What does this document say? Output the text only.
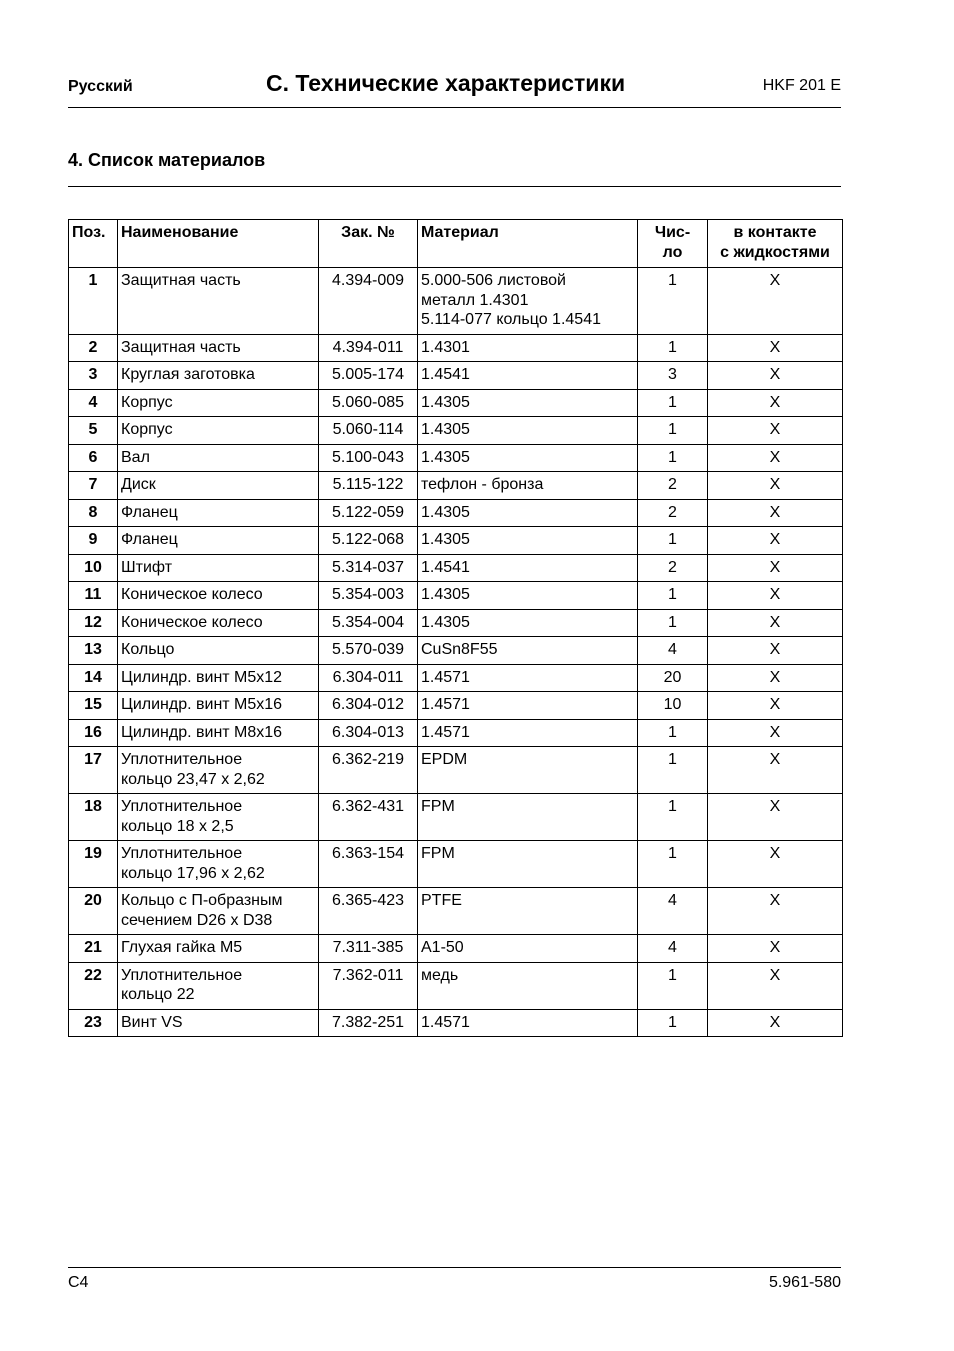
Русский	C. Технические характеристики	HKF 201 E
4. Список материалов
Поз.	Наименование	Зак. №	Материал	Чис-
ло	в контакте
с жидкостями
1	Защитная часть	4.394-009	5.000-506 листовой
металл 1.4301
5.114-077 кольцо 1.4541	1	X
2	Защитная часть	4.394-011	1.4301	1	X
3	Круглая заготовка	5.005-174	1.4541	3	X
4	Корпус	5.060-085	1.4305	1	X
5	Корпус	5.060-114	1.4305	1	X
6	Вал	5.100-043	1.4305	1	X
7	Диск	5.115-122	тефлон - бронза	2	X
8	Фланец	5.122-059	1.4305	2	X
9	Фланец	5.122-068	1.4305	1	X
10	Штифт	5.314-037	1.4541	2	X
11	Коническое колесо	5.354-003	1.4305	1	X
12	Коническое колесо	5.354-004	1.4305	1	X
13	Кольцо	5.570-039	CuSn8F55	4	X
14	Цилиндр. винт M5x12	6.304-011	1.4571	20	X
15	Цилиндр. винт M5x16	6.304-012	1.4571	10	X
16	Цилиндр. винт M8x16	6.304-013	1.4571	1	X
17	Уплотнительное
кольцо 23,47 x 2,62	6.362-219	EPDM	1	X
18	Уплотнительное
кольцо 18 x 2,5	6.362-431	FPM	1	X
19	Уплотнительное
кольцо 17,96 x 2,62	6.363-154	FPM	1	X
20	Кольцо с П-образным
сечением D26 x D38	6.365-423	PTFE	4	X
21	Глухая гайка M5	7.311-385	A1-50	4	X
22	Уплотнительное
кольцо 22	7.362-011	медь	1	X
23	Винт VS	7.382-251	1.4571	1	X
C4	5.961-580
